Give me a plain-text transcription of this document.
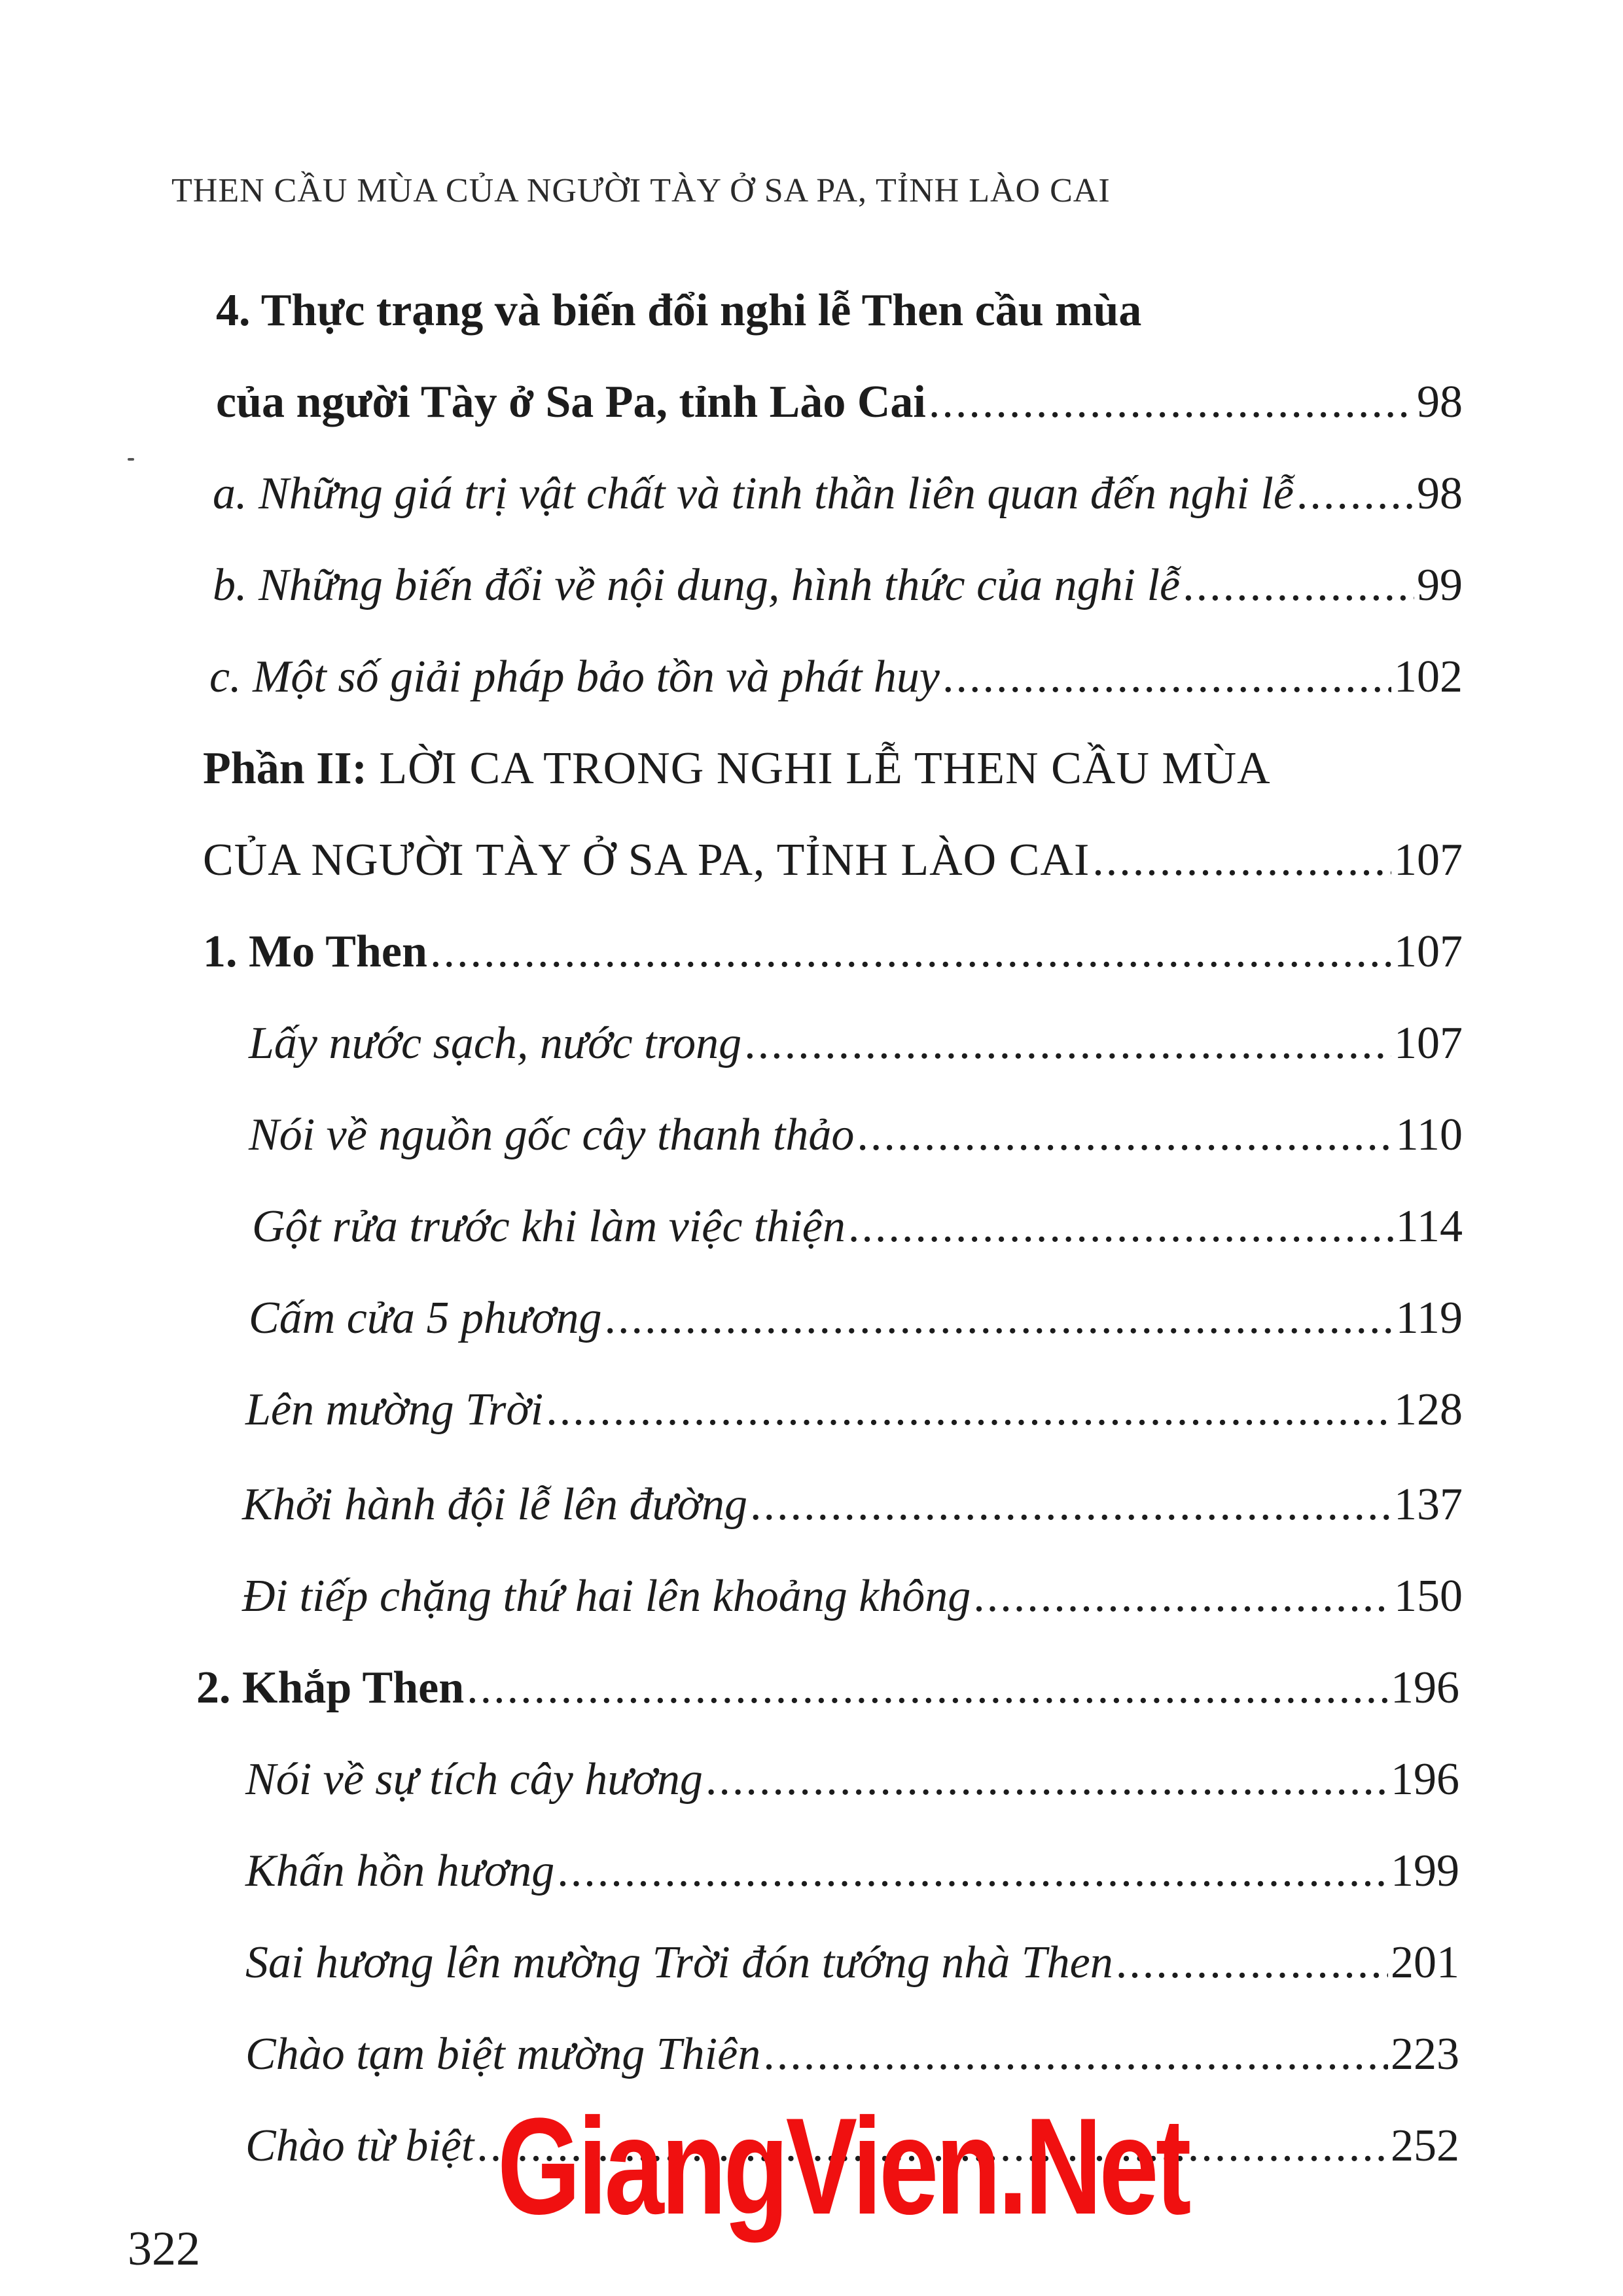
THEN CẦU MÙA CỦA NGƯỜI TÀY Ở SA PA, TỈNH LÀO CAI
4. Thực trạng và biến đổi nghi lễ Then cầu mùa
của người Tày ở Sa Pa, tỉnh Lào Cai .....	98
a. Những giá trị vật chất và tinh thần liên quan đến nghi lễ .....	98
b. Những biến đổi về nội dung, hình thức của nghi lễ .....	99
c. Một số giải pháp bảo tồn và phát huy .....	102
Phần II: LỜI CA TRONG NGHI LỄ THEN CẦU MÙA
CỦA NGƯỜI TÀY Ở SA PA, TỈNH LÀO CAI .....	107
1. Mo Then .....	107
Lấy nước sạch, nước trong .....	107
Nói về nguồn gốc cây thanh thảo .....	110
Gột rửa trước khi làm việc thiện .....	114
Cấm cửa 5 phương .....	119
Lên mường Trời .....	128
Khởi hành đội lễ lên đường .....	137
Đi tiếp chặng thứ hai lên khoảng không .....	150
2. Khắp Then .....	196
Nói về sự tích cây hương .....	196
Khấn hồn hương .....	199
Sai hương lên mường Trời đón tướng nhà Then .....	201
Chào tạm biệt mường Thiên .....	223
Chào từ biệt .....	252
GiangVien.Net
322
